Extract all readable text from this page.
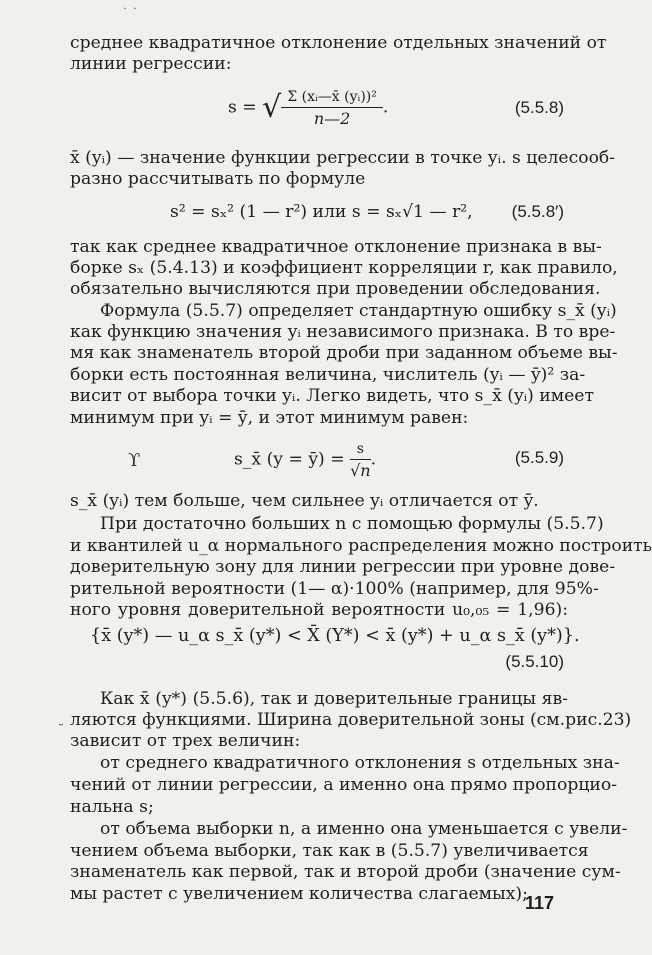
˙ ˙
среднее квадратичное отклонение отдельных значений от
линии регрессии:
s = √ $\frac{\text{Σ (xᵢ—x̄ (yᵢ))²}}{n—2}$ .	(5.5.8)
x̄ (yᵢ) — значение функции регрессии в точке yᵢ. s целесооб-
разно рассчитывать по формуле
s² = sₓ² (1 — r²) или s = sₓ√1 — r², (5.5.8′)
так как среднее квадратичное отклонение признака в вы-
борке sₓ (5.4.13) и коэффициент корреляции r, как правило,
обязательно вычисляются при проведении обследования.
Формула (5.5.7) определяет стандартную ошибку s_x̄ (yᵢ)
как функцию значения yᵢ независимого признака. В то вре-
мя как знаменатель второй дроби при заданном объеме вы-
борки есть постоянная величина, числитель (yᵢ — ȳ)² за-
висит от выбора точки yᵢ. Легко видеть, что s_x̄ (yᵢ) имеет
минимум при yᵢ = ȳ, и этот минимум равен:
ϒ	s_x̄ (y = ȳ) = $\frac{s}{√n}$ .	(5.5.9)
s_x̄ (yᵢ) тем больше, чем сильнее yᵢ отличается от ȳ.
При достаточно больших n с помощью формулы (5.5.7)
и квантилей u_α нормального распределения можно построить
доверительную зону для линии регрессии при уровне дове-
рительной вероятности (1— α)·100% (например, для 95%-
ного уровня доверительной вероятности u₀,₀₅ = 1,96):
{x̄ (y*) — u_α s_x̄ (y*) < X̄ (Y*) < x̄ (y*) + u_α s_x̄ (y*)}.
(5.5.10)
Как x̄ (y*) (5.5.6), так и доверительные границы яв-
ляются функциями. Ширина доверительной зоны (см.рис.23)
зависит от трех величин:
˷
от среднего квадратичного отклонения s отдельных зна-
чений от линии регрессии, а именно она прямо пропорцио-
нальна s;
от объема выборки n, а именно она уменьшается с увели-
чением объема выборки, так как в (5.5.7) увеличивается
знаменатель как первой, так и второй дроби (значение сум-
мы растет с увеличением количества слагаемых);
117
